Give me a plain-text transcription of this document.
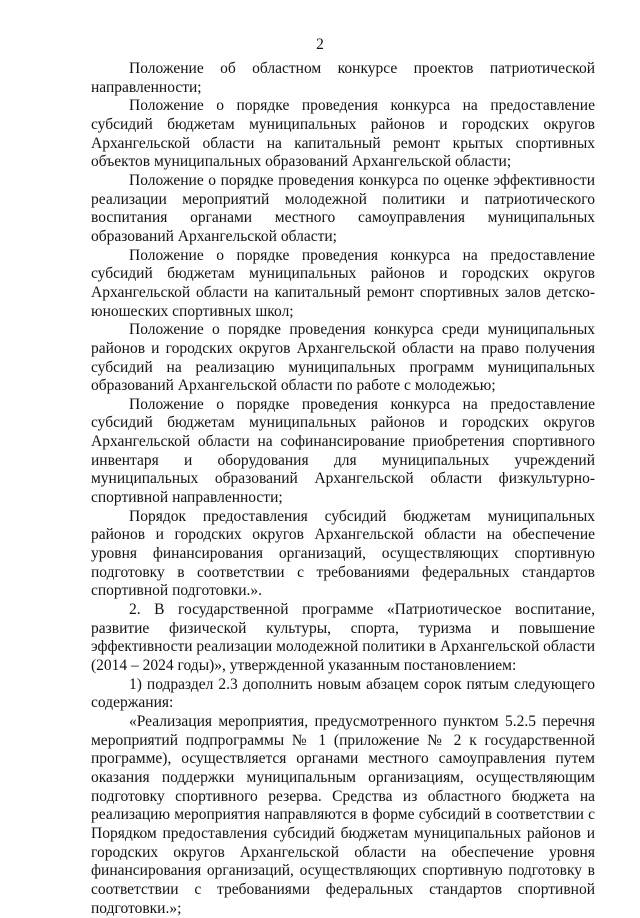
2

Положение об областном конкурсе проектов патриотической направленности;

Положение о порядке проведения конкурса на предоставление субсидий бюджетам муниципальных районов и городских округов Архангельской области на капитальный ремонт крытых спортивных объектов муниципальных образований Архангельской области;

Положение о порядке проведения конкурса по оценке эффективности реализации мероприятий молодежной политики и патриотического воспитания органами местного самоуправления муниципальных образований Архангельской области;

Положение о порядке проведения конкурса на предоставление субсидий бюджетам муниципальных районов и городских округов Архангельской области на капитальный ремонт спортивных залов детско-юношеских спортивных школ;

Положение о порядке проведения конкурса среди муниципальных районов и городских округов Архангельской области на право получения субсидий на реализацию муниципальных программ муниципальных образований Архангельской области по работе с молодежью;

Положение о порядке проведения конкурса на предоставление субсидий бюджетам муниципальных районов и городских округов Архангельской области на софинансирование приобретения спортивного инвентаря и оборудования для муниципальных учреждений муниципальных образований Архангельской области физкультурно-спортивной направленности;

Порядок предоставления субсидий бюджетам муниципальных районов и городских округов Архангельской области на обеспечение уровня финансирования организаций, осуществляющих спортивную подготовку в соответствии с требованиями федеральных стандартов спортивной подготовки.».

2. В государственной программе «Патриотическое воспитание, развитие физической культуры, спорта, туризма и повышение эффективности реализации молодежной политики в Архангельской области (2014 – 2024 годы)», утвержденной указанным постановлением:

1) подраздел 2.3 дополнить новым абзацем сорок пятым следующего содержания:

«Реализация мероприятия, предусмотренного пунктом 5.2.5 перечня мероприятий подпрограммы № 1 (приложение № 2 к государственной программе), осуществляется органами местного самоуправления путем оказания поддержки муниципальным организациям, осуществляющим подготовку спортивного резерва. Средства из областного бюджета на реализацию мероприятия направляются в форме субсидий в соответствии с Порядком предоставления субсидий бюджетам муниципальных районов и городских округов Архангельской области на обеспечение уровня финансирования организаций, осуществляющих спортивную подготовку в соответствии с требованиями федеральных стандартов спортивной подготовки.»;
